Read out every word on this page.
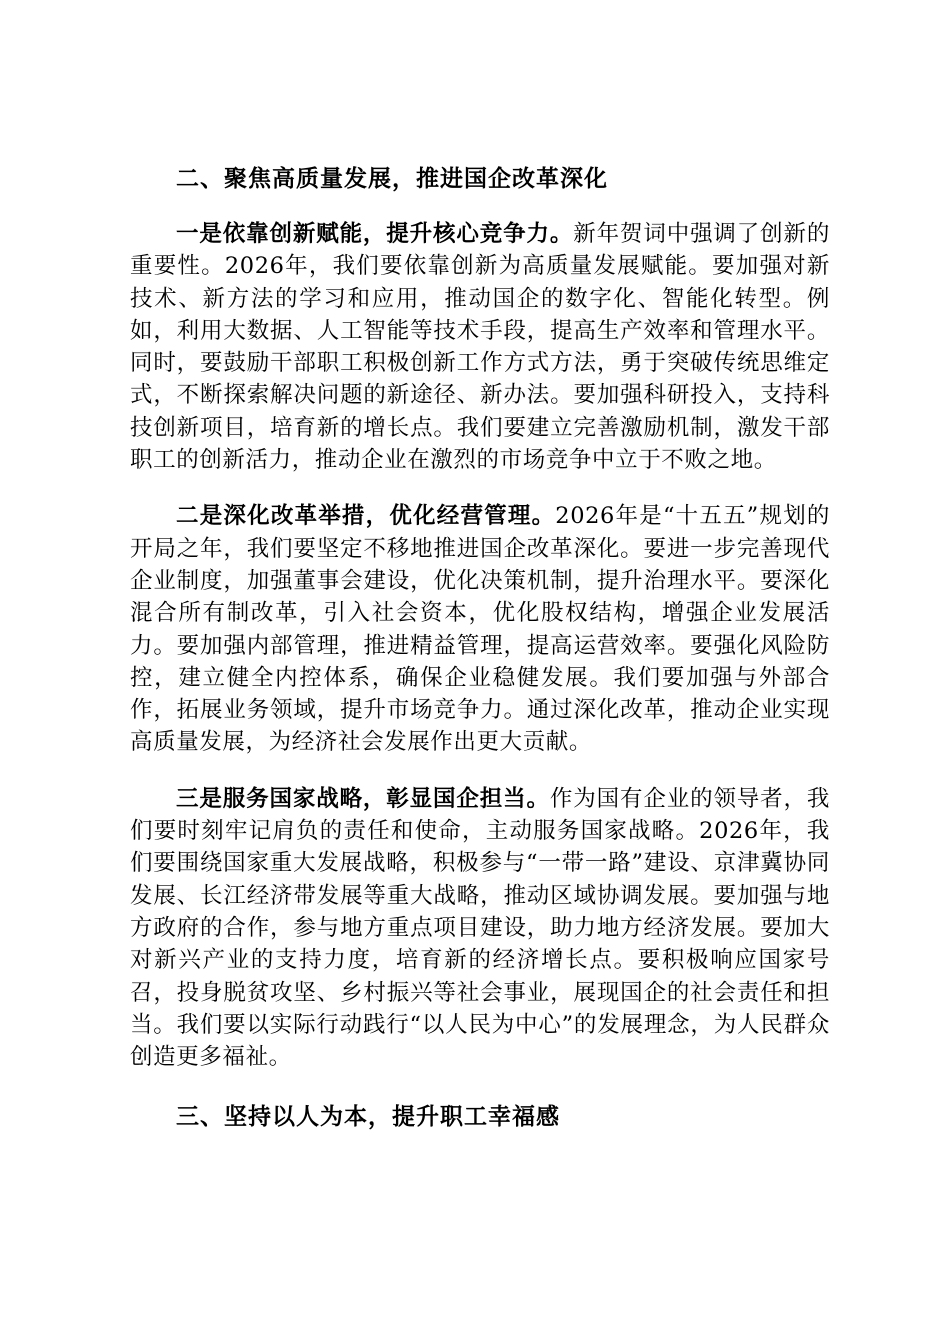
二、聚焦高质量发展，推进国企改革深化

一是依靠创新赋能，提升核心竞争力。新年贺词中强调了创新的重要性。2026年，我们要依靠创新为高质量发展赋能。要加强对新技术、新方法的学习和应用，推动国企的数字化、智能化转型。例如，利用大数据、人工智能等技术手段，提高生产效率和管理水平。同时，要鼓励干部职工积极创新工作方式方法，勇于突破传统思维定式，不断探索解决问题的新途径、新办法。要加强科研投入，支持科技创新项目，培育新的增长点。我们要建立完善激励机制，激发干部职工的创新活力，推动企业在激烈的市场竞争中立于不败之地。

二是深化改革举措，优化经营管理。2026年是“十五五”规划的开局之年，我们要坚定不移地推进国企改革深化。要进一步完善现代企业制度，加强董事会建设，优化决策机制，提升治理水平。要深化混合所有制改革，引入社会资本，优化股权结构，增强企业发展活力。要加强内部管理，推进精益管理，提高运营效率。要强化风险防控，建立健全内控体系，确保企业稳健发展。我们要加强与外部合作，拓展业务领域，提升市场竞争力。通过深化改革，推动企业实现高质量发展，为经济社会发展作出更大贡献。

三是服务国家战略，彰显国企担当。作为国有企业的领导者，我们要时刻牢记肩负的责任和使命，主动服务国家战略。2026年，我们要围绕国家重大发展战略，积极参与“一带一路”建设、京津冀协同发展、长江经济带发展等重大战略，推动区域协调发展。要加强与地方政府的合作，参与地方重点项目建设，助力地方经济发展。要加大对新兴产业的支持力度，培育新的经济增长点。要积极响应国家号召，投身脱贫攻坚、乡村振兴等社会事业，展现国企的社会责任和担当。我们要以实际行动践行“以人民为中心”的发展理念，为人民群众创造更多福祉。

三、坚持以人为本，提升职工幸福感
